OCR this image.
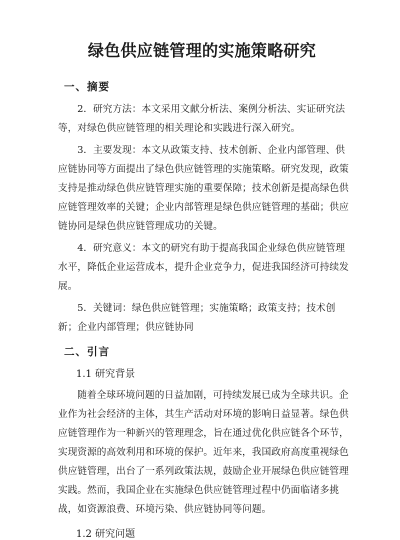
绿色供应链管理的实施策略研究
一、摘要

2．研究方法：本文采用文献分析法、案例分析法、实证研究法等，对绿色供应链管理的相关理论和实践进行深入研究。

3．主要发现：本文从政策支持、技术创新、企业内部管理、供应链协同等方面提出了绿色供应链管理的实施策略。研究发现，政策支持是推动绿色供应链管理实施的重要保障；技术创新是提高绿色供应链管理效率的关键；企业内部管理是绿色供应链管理的基础；供应链协同是绿色供应链管理成功的关键。

4．研究意义：本文的研究有助于提高我国企业绿色供应链管理水平，降低企业运营成本，提升企业竞争力，促进我国经济可持续发展。

5．关键词：绿色供应链管理；实施策略；政策支持；技术创新；企业内部管理；供应链协同

二、引言
1.1 研究背景

随着全球环境问题的日益加剧，可持续发展已成为全球共识。企业作为社会经济的主体，其生产活动对环境的影响日益显著。绿色供应链管理作为一种新兴的管理理念，旨在通过优化供应链各个环节，实现资源的高效利用和环境的保护。近年来，我国政府高度重视绿色供应链管理，出台了一系列政策法规，鼓励企业开展绿色供应链管理实践。然而，我国企业在实施绿色供应链管理过程中仍面临诸多挑战，如资源浪费、环境污染、供应链协同等问题。

1.2 研究问题
